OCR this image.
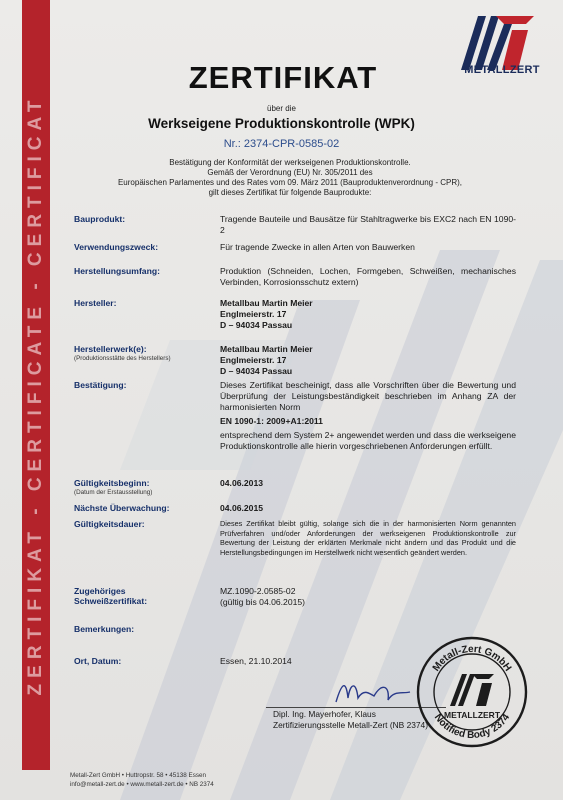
ZERTIFIKAT - CERTIFICATE - CERTIFICAT
METALLZERT
ZERTIFIKAT
über die
Werkseigene Produktionskontrolle (WPK)
Nr.: 2374-CPR-0585-02
Bestätigung der Konformität der werkseigenen Produktionskontrolle.
Gemäß der Verordnung (EU) Nr. 305/2011 des
Europäischen Parlamentes und des Rates vom 09. März 2011 (Bauproduktenverordnung - CPR),
gilt dieses Zertifikat für folgende Bauprodukte:
Bauprodukt:	Tragende Bauteile und Bausätze für Stahltragwerke bis EXC2 nach EN 1090-2
Verwendungszweck:	Für tragende Zwecke in allen Arten von Bauwerken
Herstellungsumfang:	Produktion (Schneiden, Lochen, Formgeben, Schweißen, mechanisches Verbinden, Korrosionsschutz extern)
Hersteller:	Metallbau Martin Meier
Englmeierstr. 17
D – 94034 Passau
Herstellerwerk(e):
(Produktionsstätte des Herstellers)
Metallbau Martin Meier
Englmeierstr. 17
D – 94034 Passau
Bestätigung:	Dieses Zertifikat bescheinigt, dass alle Vorschriften über die Bewertung und Überprüfung der Leistungsbeständigkeit beschrieben im Anhang ZA der harmonisierten Norm
EN 1090-1: 2009+A1:2011
entsprechend dem System 2+ angewendet werden und dass die werkseigene Produktionskontrolle alle hierin vorgeschriebenen Anforderungen erfüllt.
Gültigkeitsbeginn:
(Datum der Erstausstellung)
04.06.2013
Nächste Überwachung:	04.06.2015
Gültigkeitsdauer:	Dieses Zertifikat bleibt gültig, solange sich die in der harmonisierten Norm genannten Prüfverfahren und/oder Anforderungen der werkseigenen Produktionskontrolle zur Bewertung der Leistung der erklärten Merkmale nicht ändern und das Produkt und die Herstellungsbedingungen im Herstellwerk nicht wesentlich geändert werden.
Zugehöriges
Schweißzertifikat:
MZ.1090-2.0585-02
(gültig bis 04.06.2015)
Bemerkungen:
Ort, Datum:	Essen, 21.10.2014
Dipl. Ing. Mayerhofer, Klaus
Zertifizierungsstelle Metall-Zert (NB 2374)
Metall-Zert GmbH
Notified Body 2374
METALLZERT
Metall-Zert GmbH • Huttropstr. 58 • 45138 Essen
info@metall-zert.de • www.metall-zert.de • NB 2374
